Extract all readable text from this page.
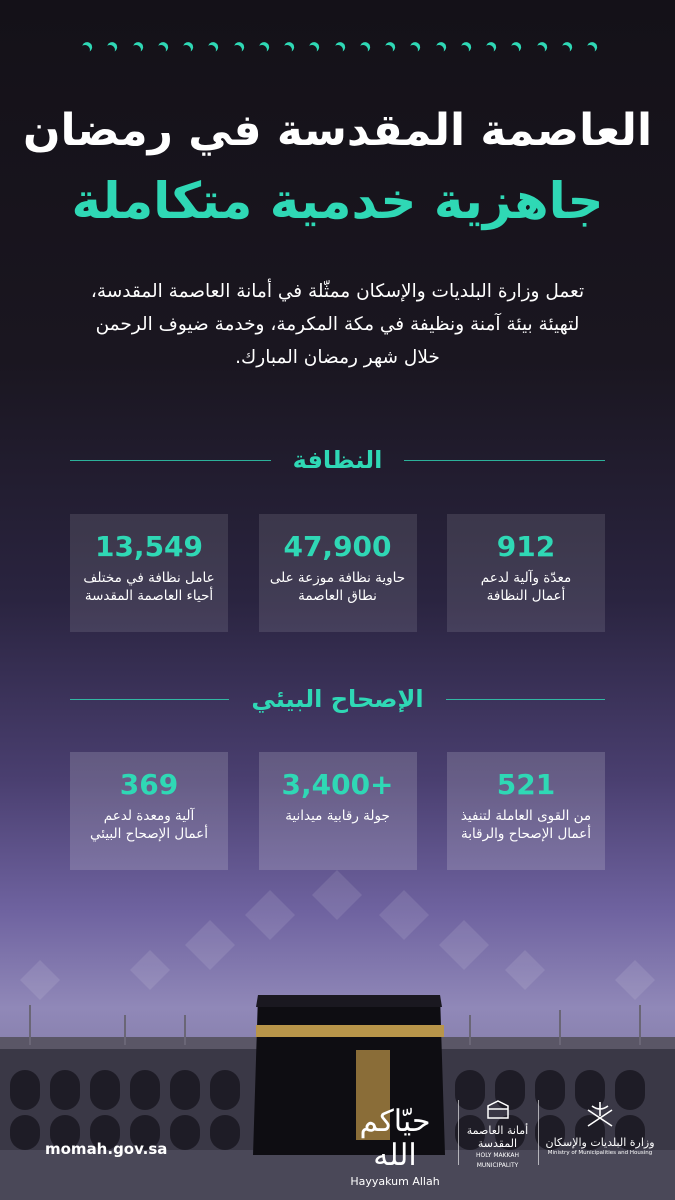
العاصمة المقدسة في رمضان
جاهزية خدمية متكاملة
تعمل وزارة البلديات والإسكان ممثّلة في أمانة العاصمة المقدسة،
لتهيئة بيئة آمنة ونظيفة في مكة المكرمة، وخدمة ضيوف الرحمن
خلال شهر رمضان المبارك.
النظافة
13,549
عامل نظافة في مختلف
أحياء العاصمة المقدسة
47,900
حاوية نظافة موزعة على
نطاق العاصمة
912
معدّة وآلية لدعم
أعمال النظافة
الإصحاح البيئي
369
آلية ومعدة لدعم
أعمال الإصحاح البيئي
3,400+
جولة رقابية ميدانية
521
من القوى العاملة لتنفيذ
أعمال الإصحاح والرقابة
momah.gov.sa
حيّاكم الله
Hayyakum Allah
أمانة العاصمة
المقدسة
HOLY MAKKAH
MUNICIPALITY
وزارة البلديات والإسكان
Ministry of Municipalities and Housing
